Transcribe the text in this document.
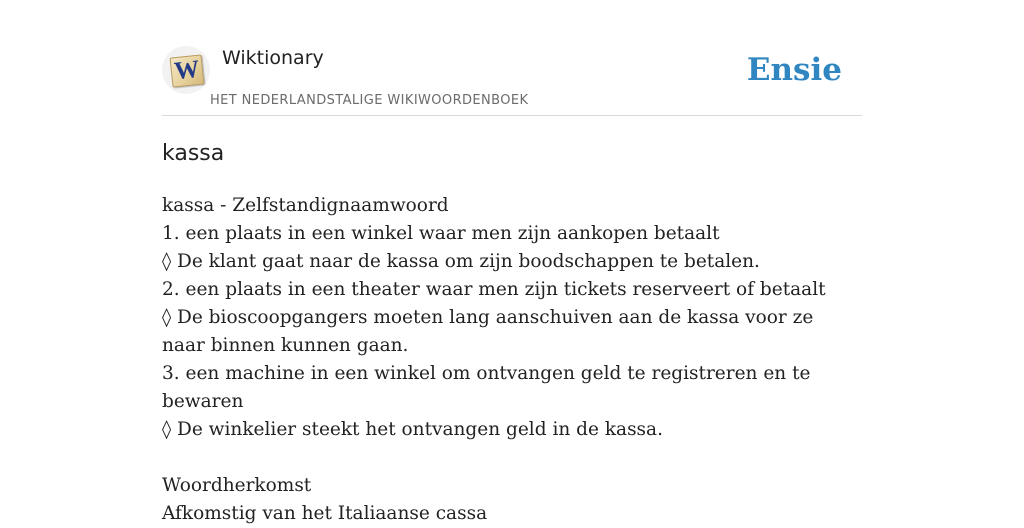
W Wiktionary
HET NEDERLANDSTALIGE WIKIWOORDENBOEK
Ensie
kassa
kassa - Zelfstandignaamwoord
1. een plaats in een winkel waar men zijn aankopen betaalt
◊ De klant gaat naar de kassa om zijn boodschappen te betalen.
2. een plaats in een theater waar men zijn tickets reserveert of betaalt
◊ De bioscoopgangers moeten lang aanschuiven aan de kassa voor ze naar binnen kunnen gaan.
3. een machine in een winkel om ontvangen geld te registreren en te bewaren
◊ De winkelier steekt het ontvangen geld in de kassa.
Woordherkomst
Afkomstig van het Italiaanse cassa
